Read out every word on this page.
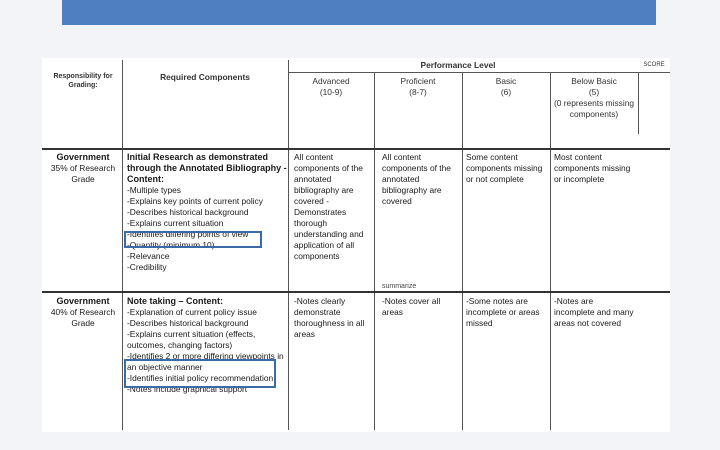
Responsibility for Grading:
Required Components
Performance Level	SCORE
Advanced
(10-9)
Proficient
(8-7)
Basic
(6)
Below Basic
(5)
(0 represents missing components)

Government

35% of Research Grade

Initial Research as demonstrated through the Annotated Bibliography - Content:

-Multiple types

-Explains key points of current policy

-Describes historical background

-Explains current situation

-Identifies differing points of view

-Quantity (minimum 10)

-Relevance

-Credibility

All content components of the annotated bibliography are covered -Demonstrates thorough understanding and application of all components
All content components of the annotated bibliography are covered
Some content components missing or not complete
Most content components missing or incomplete
summarize

Government

40% of Research Grade

Note taking – Content:

-Explanation of current policy issue

-Describes historical background

-Explains current situation (effects, outcomes, changing factors)

-Identifies 2 or more differing viewpoints in an objective manner

-Identifies initial policy recommendation

-Notes include graphical support

-Notes clearly demonstrate thoroughness in all areas
-Notes cover all areas
-Some notes are incomplete or areas missed
-Notes are incomplete and many areas not covered
